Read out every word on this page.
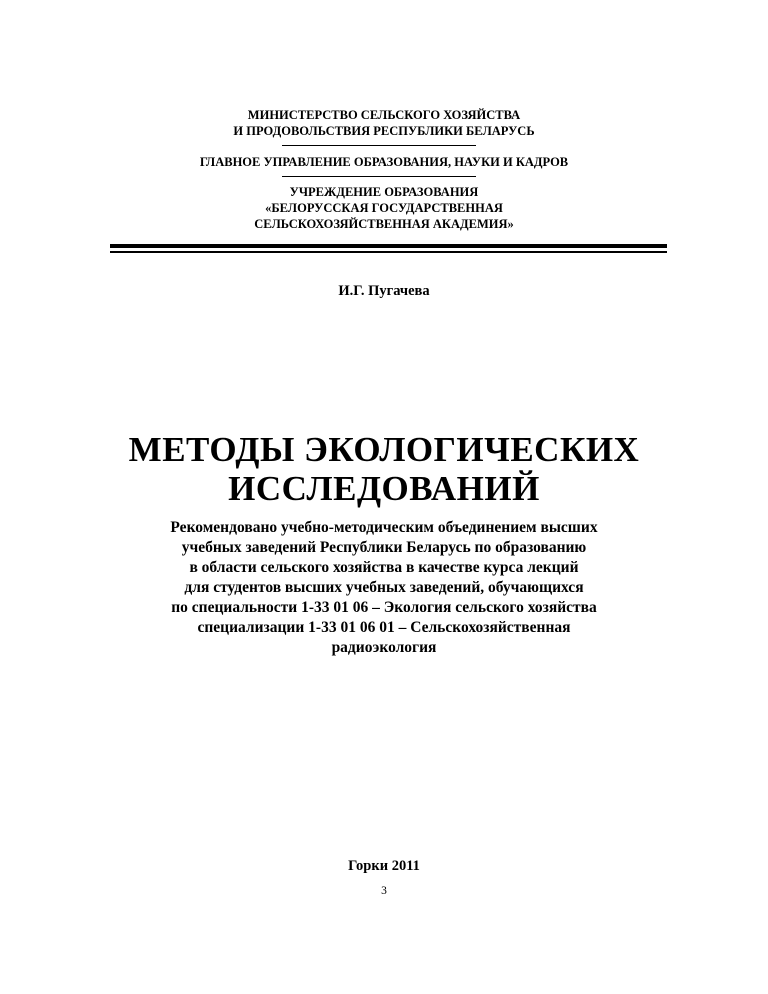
МИНИСТЕРСТВО СЕЛЬСКОГО ХОЗЯЙСТВА
И ПРОДОВОЛЬСТВИЯ РЕСПУБЛИКИ БЕЛАРУСЬ
ГЛАВНОЕ УПРАВЛЕНИЕ ОБРАЗОВАНИЯ, НАУКИ И КАДРОВ
УЧРЕЖДЕНИЕ ОБРАЗОВАНИЯ
«БЕЛОРУССКАЯ ГОСУДАРСТВЕННАЯ
СЕЛЬСКОХОЗЯЙСТВЕННАЯ АКАДЕМИЯ»
И.Г. Пугачева
МЕТОДЫ ЭКОЛОГИЧЕСКИХ
ИССЛЕДОВАНИЙ
Рекомендовано учебно-методическим объединением высших
учебных заведений Республики Беларусь по образованию
в области сельского хозяйства в качестве курса лекций
для студентов высших учебных заведений, обучающихся
по специальности 1-33 01 06 – Экология сельского хозяйства
специализации 1-33 01 06 01 – Сельскохозяйственная
радиоэкология
Горки 2011
3
